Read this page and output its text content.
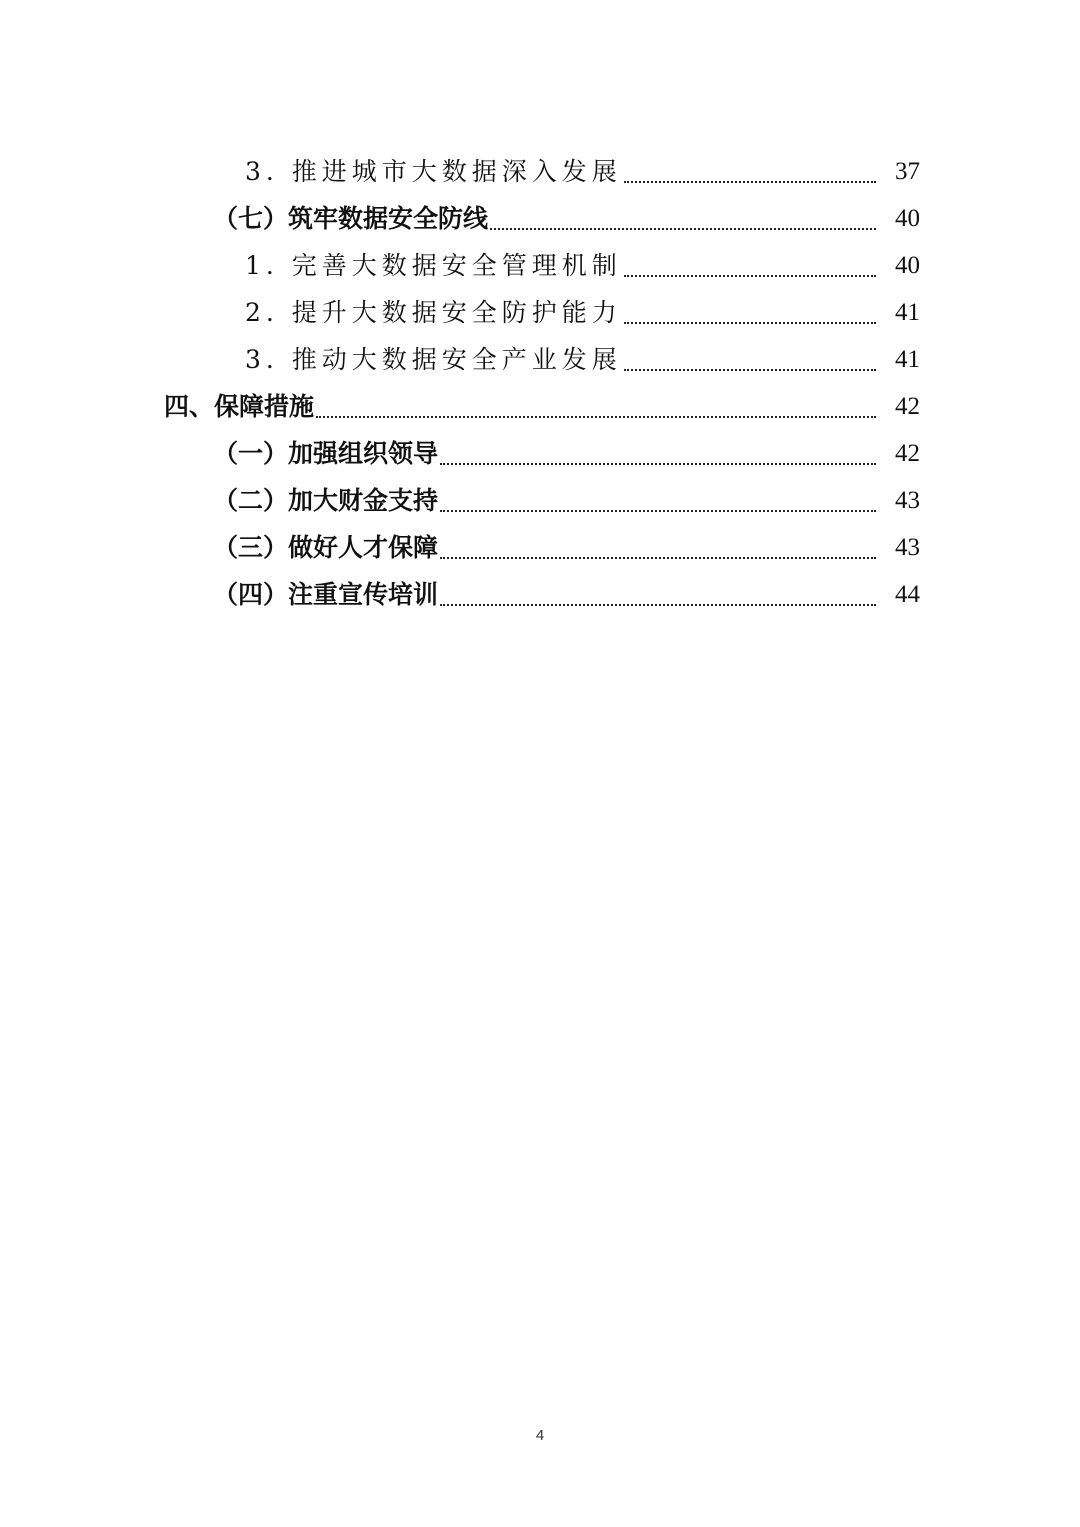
3. 推进城市大数据深入发展	37
（七）筑牢数据安全防线	40
1. 完善大数据安全管理机制	40
2. 提升大数据安全防护能力	41
3. 推动大数据安全产业发展	41
四、保障措施	42
（一）加强组织领导	42
（二）加大财金支持	43
（三）做好人才保障	43
（四）注重宣传培训	44
4
